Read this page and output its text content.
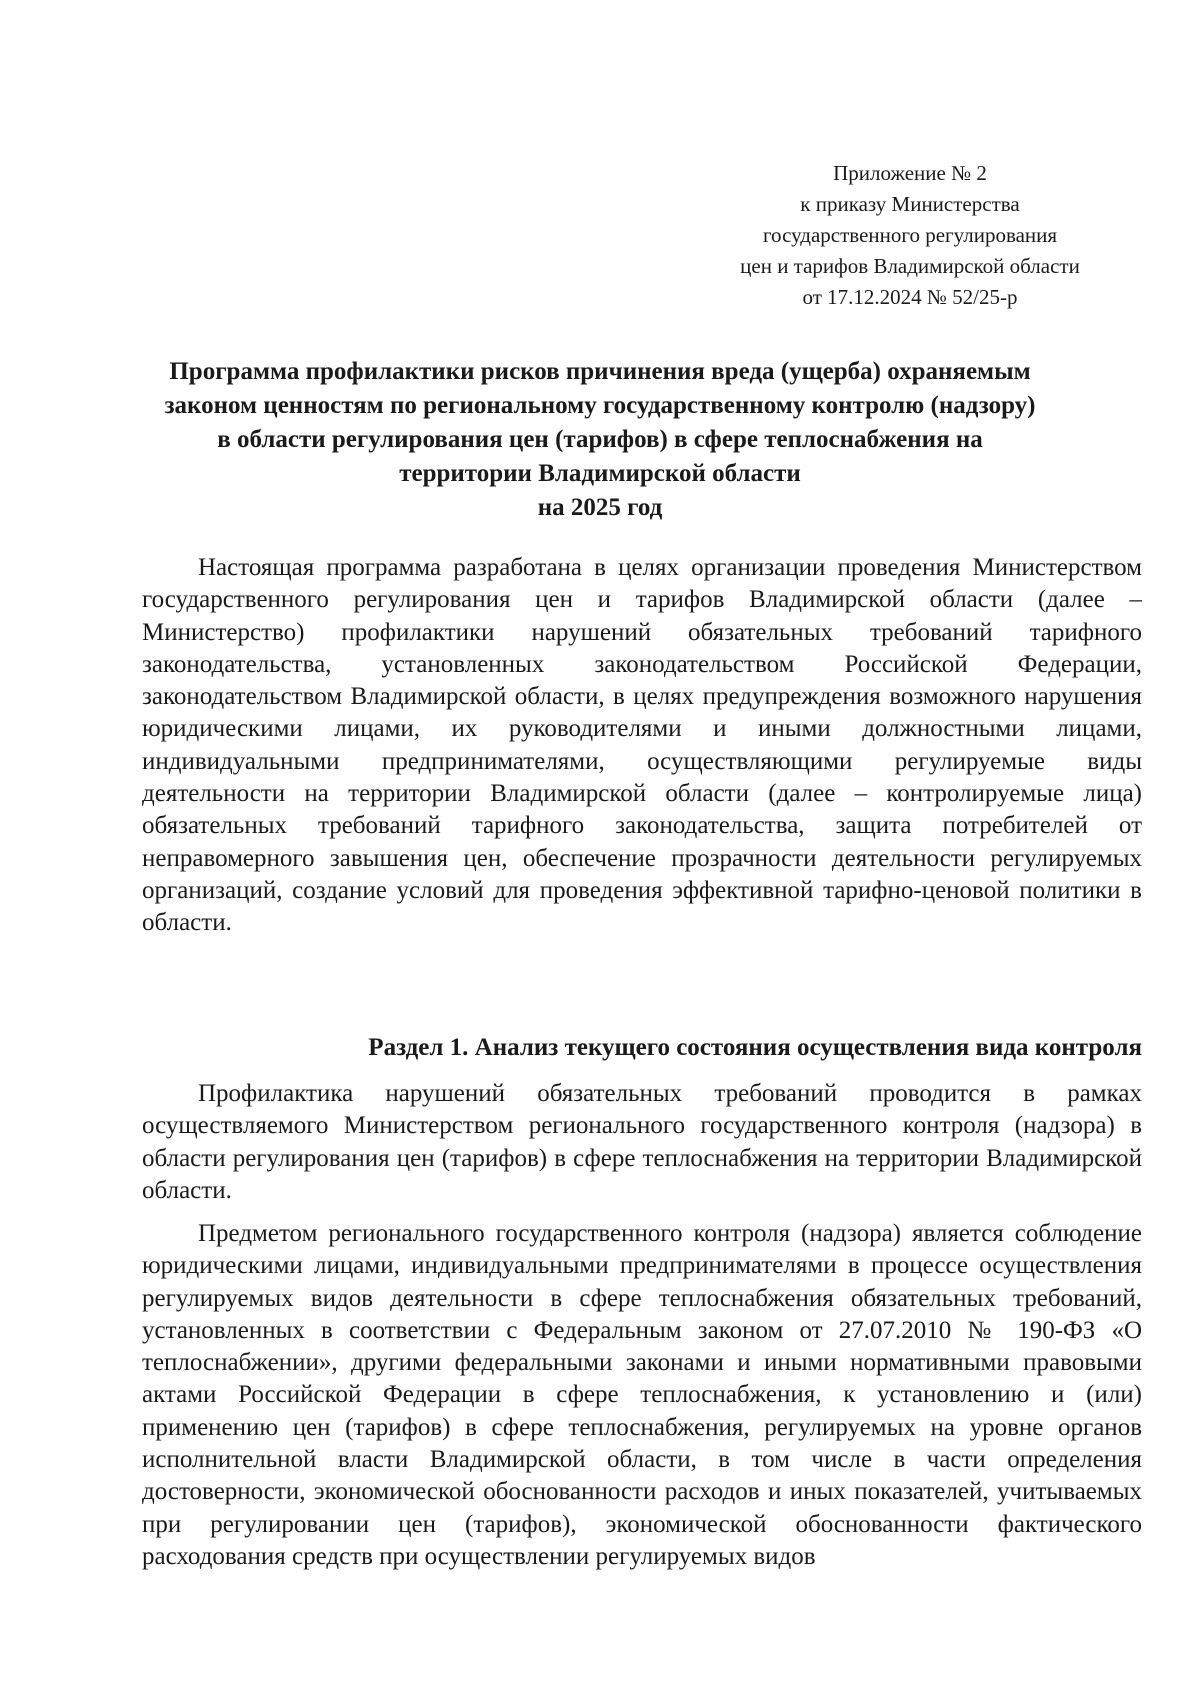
Приложение № 2
к приказу Министерства
государственного регулирования
цен и тарифов Владимирской области
от 17.12.2024 № 52/25-р
Программа профилактики рисков причинения вреда (ущерба) охраняемым
законом ценностям по региональному государственному контролю (надзору)
в области регулирования цен (тарифов) в сфере теплоснабжения на
территории Владимирской области
на 2025 год

Настоящая программа разработана в целях организации проведения Министерством государственного регулирования цен и тарифов Владимирской области (далее – Министерство) профилактики нарушений обязательных требований тарифного законодательства, установленных законодательством Российской Федерации, законодательством Владимирской области, в целях предупреждения возможного нарушения юридическими лицами, их руководителями и иными должностными лицами, индивидуальными предпринимателями, осуществляющими регулируемые виды деятельности на территории Владимирской области (далее – контролируемые лица) обязательных требований тарифного законодательства, защита потребителей от неправомерного завышения цен, обеспечение прозрачности деятельности регулируемых организаций, создание условий для проведения эффективной тарифно-ценовой политики в области.

Раздел 1. Анализ текущего состояния осуществления вида контроля

Профилактика нарушений обязательных требований проводится в рамках осуществляемого Министерством регионального государственного контроля (надзора) в области регулирования цен (тарифов) в сфере теплоснабжения на территории Владимирской области.

Предметом регионального государственного контроля (надзора) является соблюдение юридическими лицами, индивидуальными предпринимателями в процессе осуществления регулируемых видов деятельности в сфере теплоснабжения обязательных требований, установленных в соответствии с Федеральным законом от 27.07.2010 № 190-ФЗ «О теплоснабжении», другими федеральными законами и иными нормативными правовыми актами Российской Федерации в сфере теплоснабжения, к установлению и (или) применению цен (тарифов) в сфере теплоснабжения, регулируемых на уровне органов исполнительной власти Владимирской области, в том числе в части определения достоверности, экономической обоснованности расходов и иных показателей, учитываемых при регулировании цен (тарифов), экономической обоснованности фактического расходования средств при осуществлении регулируемых видов
